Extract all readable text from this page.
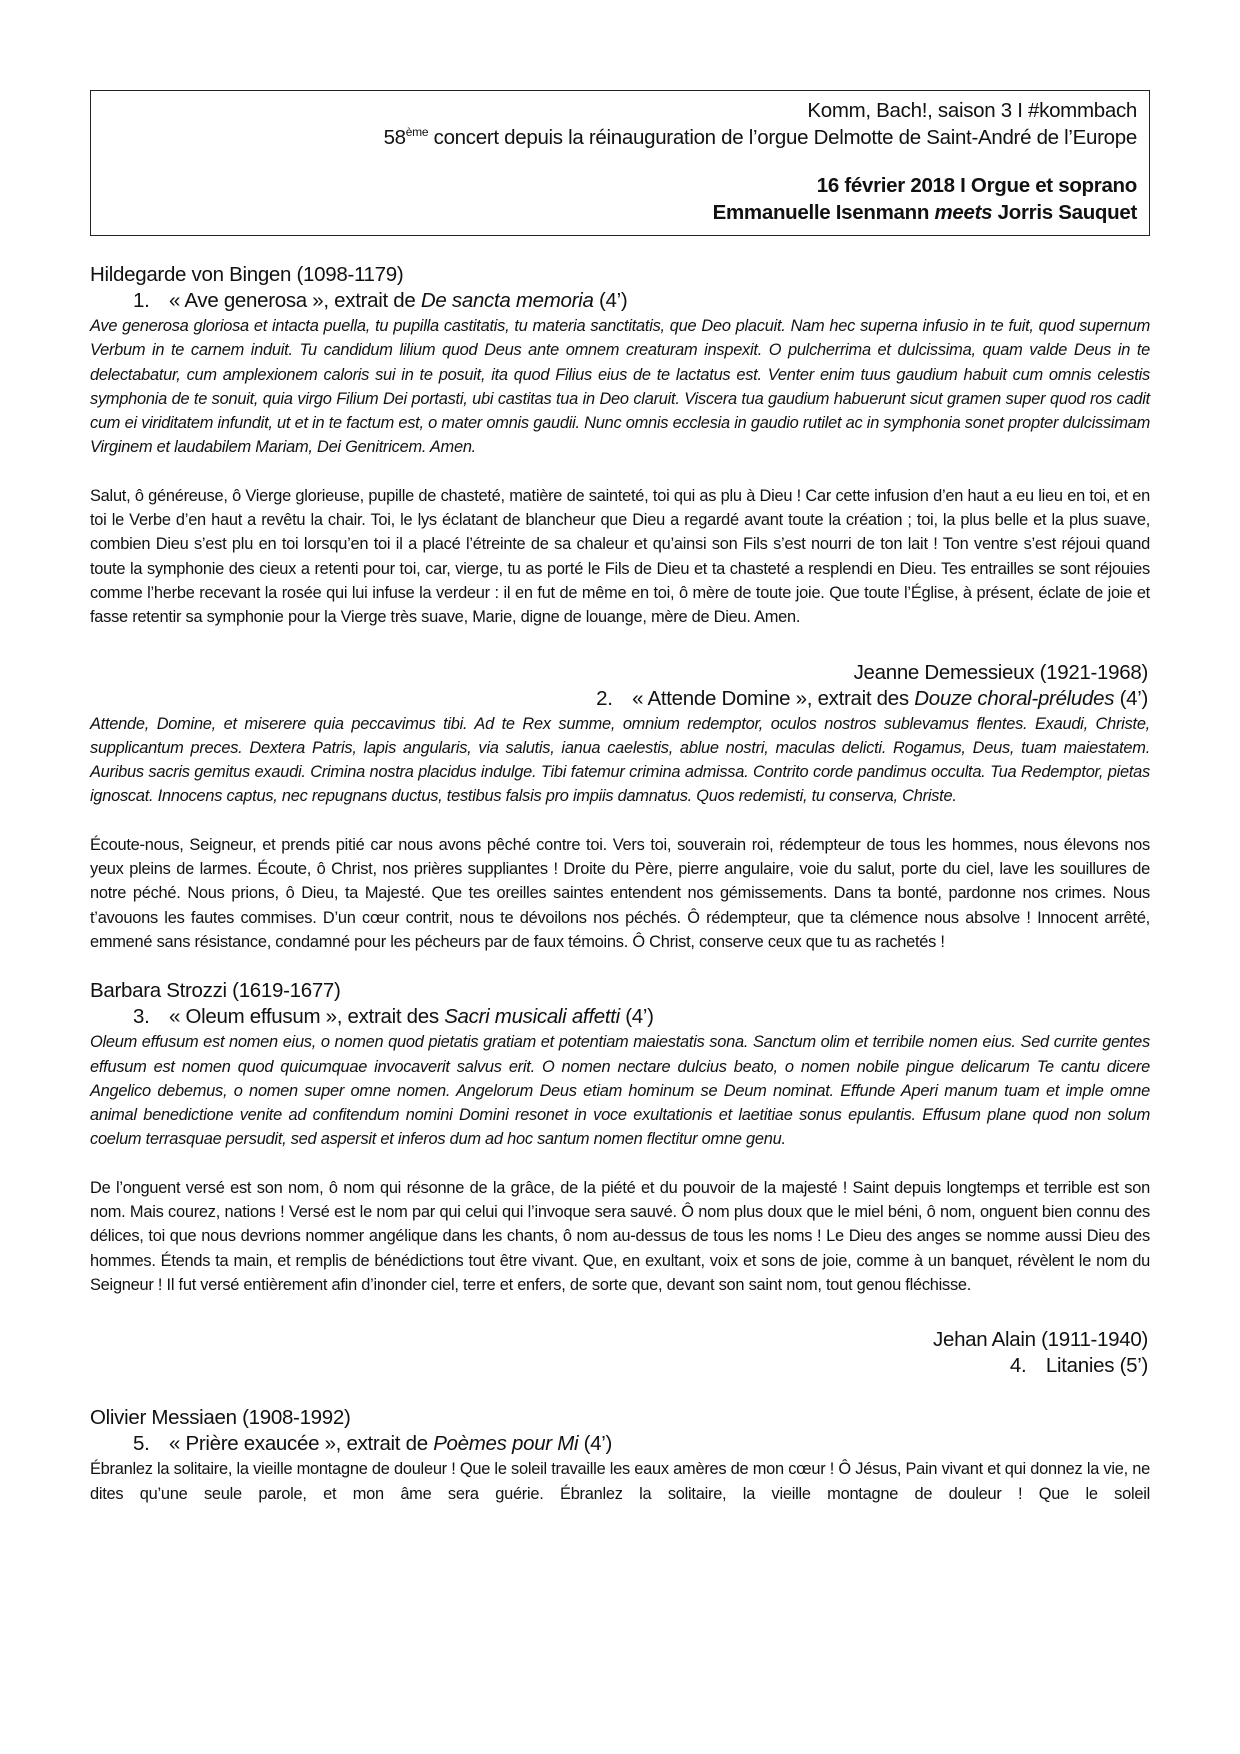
Komm, Bach!, saison 3 I #kommbach
58ème concert depuis la réinauguration de l’orgue Delmotte de Saint-André de l’Europe
16 février 2018 I Orgue et soprano
Emmanuelle Isenmann meets Jorris Sauquet

Hildegarde von Bingen (1098-1179)

1. « Ave generosa », extrait de De sancta memoria (4’)

Ave generosa gloriosa et intacta puella, tu pupilla castitatis, tu materia sanctitatis, que Deo placuit. Nam hec superna infusio in te fuit, quod supernum Verbum in te carnem induit. Tu candidum lilium quod Deus ante omnem creaturam inspexit. O pulcherrima et dulcissima, quam valde Deus in te delectabatur, cum amplexionem caloris sui in te posuit, ita quod Filius eius de te lactatus est. Venter enim tuus gaudium habuit cum omnis celestis symphonia de te sonuit, quia virgo Filium Dei portasti, ubi castitas tua in Deo claruit. Viscera tua gaudium habuerunt sicut gramen super quod ros cadit cum ei viriditatem infundit, ut et in te factum est, o mater omnis gaudii. Nunc omnis ecclesia in gaudio rutilet ac in symphonia sonet propter dulcissimam Virginem et laudabilem Mariam, Dei Genitricem. Amen.

Salut, ô généreuse, ô Vierge glorieuse, pupille de chasteté, matière de sainteté, toi qui as plu à Dieu ! Car cette infusion d’en haut a eu lieu en toi, et en toi le Verbe d’en haut a revêtu la chair. Toi, le lys éclatant de blancheur que Dieu a regardé avant toute la création ; toi, la plus belle et la plus suave, combien Dieu s’est plu en toi lorsqu’en toi il a placé l’étreinte de sa chaleur et qu’ainsi son Fils s’est nourri de ton lait ! Ton ventre s’est réjoui quand toute la symphonie des cieux a retenti pour toi, car, vierge, tu as porté le Fils de Dieu et ta chasteté a resplendi en Dieu. Tes entrailles se sont réjouies comme l’herbe recevant la rosée qui lui infuse la verdeur : il en fut de même en toi, ô mère de toute joie. Que toute l’Église, à présent, éclate de joie et fasse retentir sa symphonie pour la Vierge très suave, Marie, digne de louange, mère de Dieu. Amen.

Jeanne Demessieux (1921-1968)

2. « Attende Domine », extrait des Douze choral-préludes (4’)

Attende, Domine, et miserere quia peccavimus tibi. Ad te Rex summe, omnium redemptor, oculos nostros sublevamus flentes. Exaudi, Christe, supplicantum preces. Dextera Patris, lapis angularis, via salutis, ianua caelestis, ablue nostri, maculas delicti. Rogamus, Deus, tuam maiestatem. Auribus sacris gemitus exaudi. Crimina nostra placidus indulge. Tibi fatemur crimina admissa. Contrito corde pandimus occulta. Tua Redemptor, pietas ignoscat. Innocens captus, nec repugnans ductus, testibus falsis pro impiis damnatus. Quos redemisti, tu conserva, Christe.

Écoute-nous, Seigneur, et prends pitié car nous avons pêché contre toi. Vers toi, souverain roi, rédempteur de tous les hommes, nous élevons nos yeux pleins de larmes. Écoute, ô Christ, nos prières suppliantes ! Droite du Père, pierre angulaire, voie du salut, porte du ciel, lave les souillures de notre péché. Nous prions, ô Dieu, ta Majesté. Que tes oreilles saintes entendent nos gémissements. Dans ta bonté, pardonne nos crimes. Nous t’avouons les fautes commises. D’un cœur contrit, nous te dévoilons nos péchés. Ô rédempteur, que ta clémence nous absolve ! Innocent arrêté, emmené sans résistance, condamné pour les pécheurs par de faux témoins. Ô Christ, conserve ceux que tu as rachetés !

Barbara Strozzi (1619-1677)

3. « Oleum effusum », extrait des Sacri musicali affetti (4’)

Oleum effusum est nomen eius, o nomen quod pietatis gratiam et potentiam maiestatis sona. Sanctum olim et terribile nomen eius. Sed currite gentes effusum est nomen quod quicumquae invocaverit salvus erit. O nomen nectare dulcius beato, o nomen nobile pingue delicarum Te cantu dicere Angelico debemus, o nomen super omne nomen. Angelorum Deus etiam hominum se Deum nominat. Effunde Aperi manum tuam et imple omne animal benedictione venite ad confitendum nomini Domini resonet in voce exultationis et laetitiae sonus epulantis. Effusum plane quod non solum coelum terrasquae persudit, sed aspersit et inferos dum ad hoc santum nomen flectitur omne genu.

De l’onguent versé est son nom, ô nom qui résonne de la grâce, de la piété et du pouvoir de la majesté ! Saint depuis longtemps et terrible est son nom. Mais courez, nations ! Versé est le nom par qui celui qui l’invoque sera sauvé. Ô nom plus doux que le miel béni, ô nom, onguent bien connu des délices, toi que nous devrions nommer angélique dans les chants, ô nom au-dessus de tous les noms ! Le Dieu des anges se nomme aussi Dieu des hommes. Étends ta main, et remplis de bénédictions tout être vivant. Que, en exultant, voix et sons de joie, comme à un banquet, révèlent le nom du Seigneur ! Il fut versé entièrement afin d’inonder ciel, terre et enfers, de sorte que, devant son saint nom, tout genou fléchisse.

Jehan Alain (1911-1940)

4. Litanies (5’)

Olivier Messiaen (1908-1992)

5. « Prière exaucée », extrait de Poèmes pour Mi (4’)

Ébranlez la solitaire, la vieille montagne de douleur ! Que le soleil travaille les eaux amères de mon cœur ! Ô Jésus, Pain vivant et qui donnez la vie, ne dites qu’une seule parole, et mon âme sera guérie. Ébranlez la solitaire, la vieille montagne de douleur ! Que le soleil
